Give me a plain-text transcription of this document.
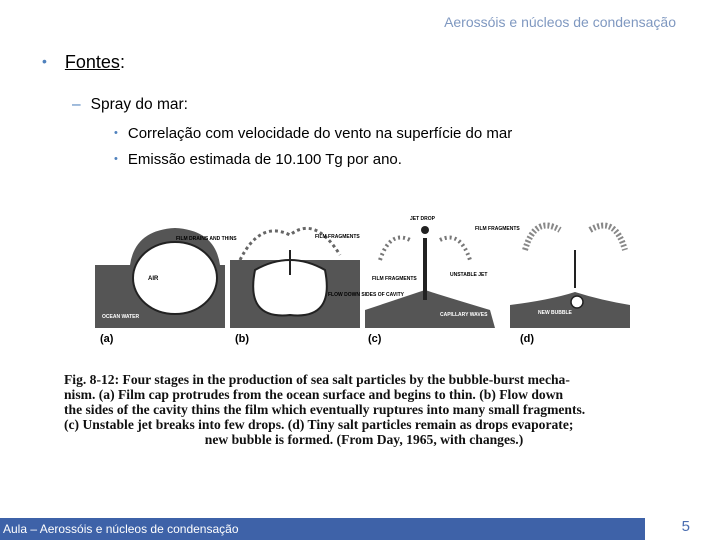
Aerossóis e núcleos de condensação
• Fontes:
– Spray do mar:
• Correlação com velocidade do vento na superfície do mar
• Emissão estimada de 10.100 Tg por ano.
FILM DRAINS AND THINS
AIR
OCEAN WATER
(a)
FILM FRAGMENTS
FLOW DOWN SIDES OF CAVITY
(b)
JET DROP
FILM FRAGMENTS
FILM FRAGMENTS
UNSTABLE JET
CAPILLARY WAVES
(c)
NEW BUBBLE
(d)
Fig. 8-12: Four stages in the production of sea salt particles by the bubble-burst mecha-
nism. (a) Film cap protrudes from the ocean surface and begins to thin. (b) Flow down
the sides of the cavity thins the film which eventually ruptures into many small fragments.
(c) Unstable jet breaks into few drops. (d) Tiny salt particles remain as drops evaporate;
new bubble is formed. (From Day, 1965, with changes.)
Aula – Aerossóis e núcleos de condensação	5
